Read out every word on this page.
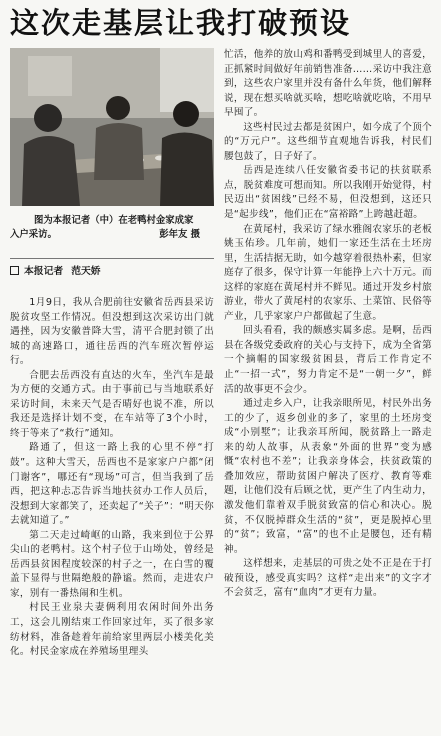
这次走基层让我打破预设
图为本报记者（中）在老鸭村金家成家
入户采访。	彭年友 摄
本报记者 范天娇

1月9日，我从合肥前往安徽省岳西县采访脱贫攻坚工作情况。但没想到这次采访出门就遇挫，因为安徽普降大雪，清平合肥封锁了出城的高速路口，通往岳西的汽车班次暂停运行。

合肥去岳西没有直达的火车，坐汽车是最为方便的交通方式。由于事前已与当地联系好采访时间，未来天气是否晴好也说不准，所以我还是选择计划不变，在车站等了3个小时，终于等来了“救行”通知。

路通了，但这一路上我的心里不停“打鼓”。这种大雪天，岳西也不是家家户户都“闭门谢客”，哪还有“现场”可言，但当我到了岳西，把这种忐忑告诉当地扶贫办工作人员后，没想到大家都笑了，还卖起了“关子”：“明天你去就知道了。”

第二天走过崎岖的山路，我来到位于公界尖山的老鸭村。这个村子位于山坳处，曾经是岳西县贫困程度较深的村子之一，在白雪的覆盖下显得与世隔绝般的静谧。然而，走进农户家，别有一番热闹和生机。

村民王业泉夫妻俩利用农闲时间外出务工，这会儿刚结束工作回家过年，买了很多家纺材料，准备趁着年前给家里两层小楼美化美化。村民金家成在养殖场里理头

忙活，他养的放山鸡和番鸭受到城里人的喜爱，正抓紧时间做好年前销售准备……采访中我注意到，这些农户家里并没有备什么年货，他们解释说，现在想买啥就买啥，想吃啥就吃啥，不用早早囤了。

这些村民过去都是贫困户，如今成了个顶个的“万元户”。这些细节直观地告诉我，村民们腰包鼓了，日子好了。

岳西是连续八任安徽省委书记的扶贫联系点，脱贫难度可想而知。所以我刚开始觉得，村民迈出“贫困线”已经不易，但没想到，这还只是“起步线”，他们正在“富裕路”上跨越赶超。

在黄尾村，我采访了绿水雅阁农家乐的老板姚玉佑珍。几年前，她们一家还生活在土坯房里，生活拮据无助，如今越穿着很热朴素，但家庭存了很多，保守计算一年能挣上六十万元。而这样的家庭在黄尾村并不鲜见。通过开发乡村旅游业，带火了黄尾村的农家乐、土菜馆、民俗等产业，几乎家家户户都做起了生意。

回头看看，我的颇感实属多虑。是啊，岳西县在各级党委政府的关心与支持下，成为全省第一个摘帽的国家级贫困县，背后工作肯定不止“一招一式”，努力肯定不是“一朝一夕”，鲜活的故事更不会少。

通过走乡入户，让我亲眼所见，村民外出务工的少了，返乡创业的多了，家里的土坯房变成“小别墅”；让我亲耳所闻，脱贫路上一路走来的幼人故事，从表象“外面的世界”变为感慨“农村也不差”；让我亲身体会，扶贫政策的叠加效应，帮助贫困户解决了医疗、教育等难题，让他们没有后顾之忧，更产生了内生动力，激发他们靠着双手脱贫致富的信心和决心。脱贫，不仅脱掉群众生活的“贫”，更是脱掉心里的“贫”；致富，“富”的也不止是腰包，还有精神。

这样想来，走基层的可贵之处不正是在于打破预设，感受真实吗？这样“走出来”的文字才不会贫乏，富有“血肉”才更有力量。
